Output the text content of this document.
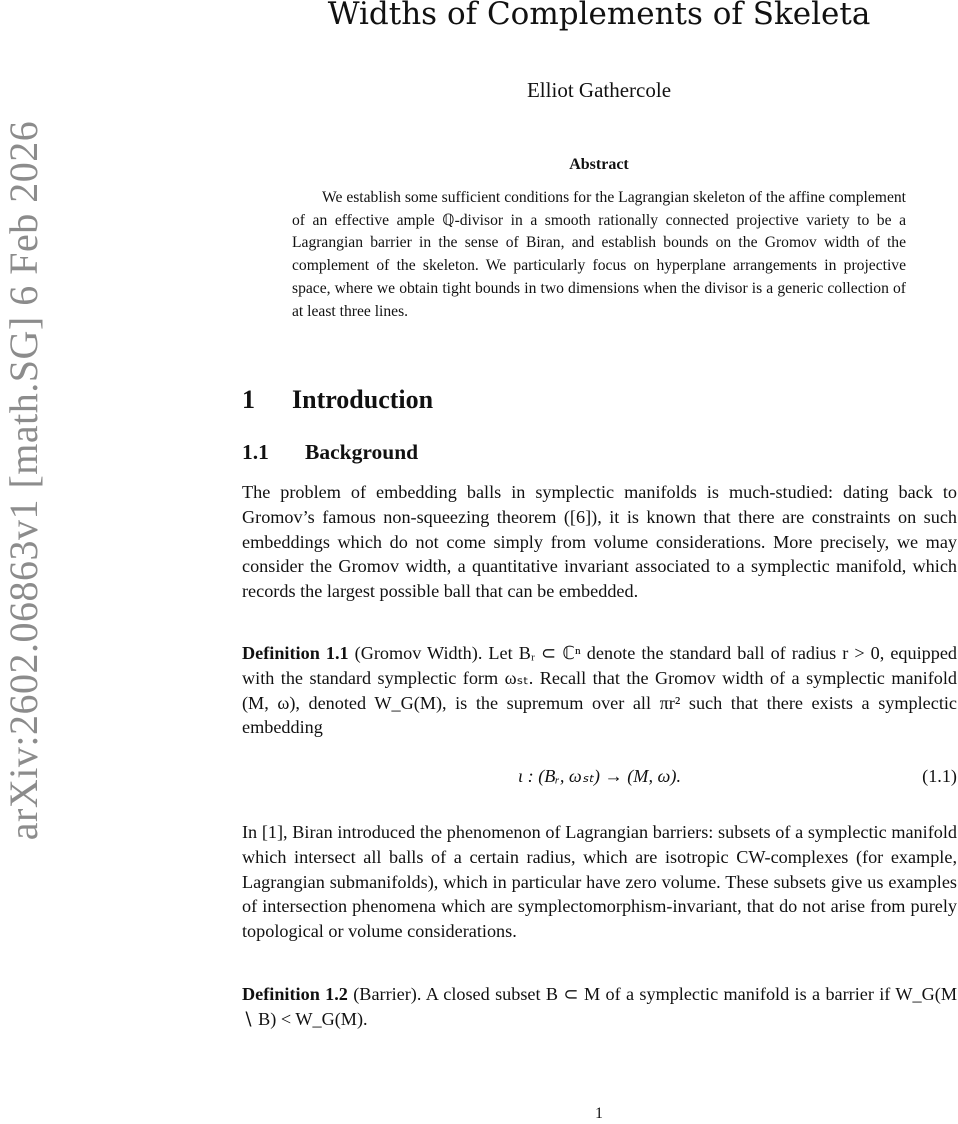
arXiv:2602.06863v1 [math.SG] 6 Feb 2026
Widths of Complements of Skeleta
Elliot Gathercole
Abstract

We establish some sufficient conditions for the Lagrangian skeleton of the affine complement of an effective ample ℚ-divisor in a smooth rationally connected projective variety to be a Lagrangian barrier in the sense of Biran, and establish bounds on the Gromov width of the complement of the skeleton. We particularly focus on hyperplane arrangements in projective space, where we obtain tight bounds in two dimensions when the divisor is a generic collection of at least three lines.

1 Introduction
1.1 Background

The problem of embedding balls in symplectic manifolds is much-studied: dating back to Gromov’s famous non-squeezing theorem ([6]), it is known that there are constraints on such embeddings which do not come simply from volume considerations. More precisely, we may consider the Gromov width, a quantitative invariant associated to a symplectic manifold, which records the largest possible ball that can be embedded.

Definition 1.1 (Gromov Width). Let Bᵣ ⊂ ℂⁿ denote the standard ball of radius r > 0, equipped with the standard symplectic form ωₛₜ. Recall that the Gromov width of a symplectic manifold (M, ω), denoted W_G(M), is the supremum over all πr² such that there exists a symplectic embedding

ι : (Bᵣ, ωₛₜ) → (M, ω).	(1.1)

In [1], Biran introduced the phenomenon of Lagrangian barriers: subsets of a symplectic manifold which intersect all balls of a certain radius, which are isotropic CW-complexes (for example, Lagrangian submanifolds), which in particular have zero volume. These subsets give us examples of intersection phenomena which are symplectomorphism-invariant, that do not arise from purely topological or volume considerations.

Definition 1.2 (Barrier). A closed subset B ⊂ M of a symplectic manifold is a barrier if W_G(M ∖ B) < W_G(M).

1
